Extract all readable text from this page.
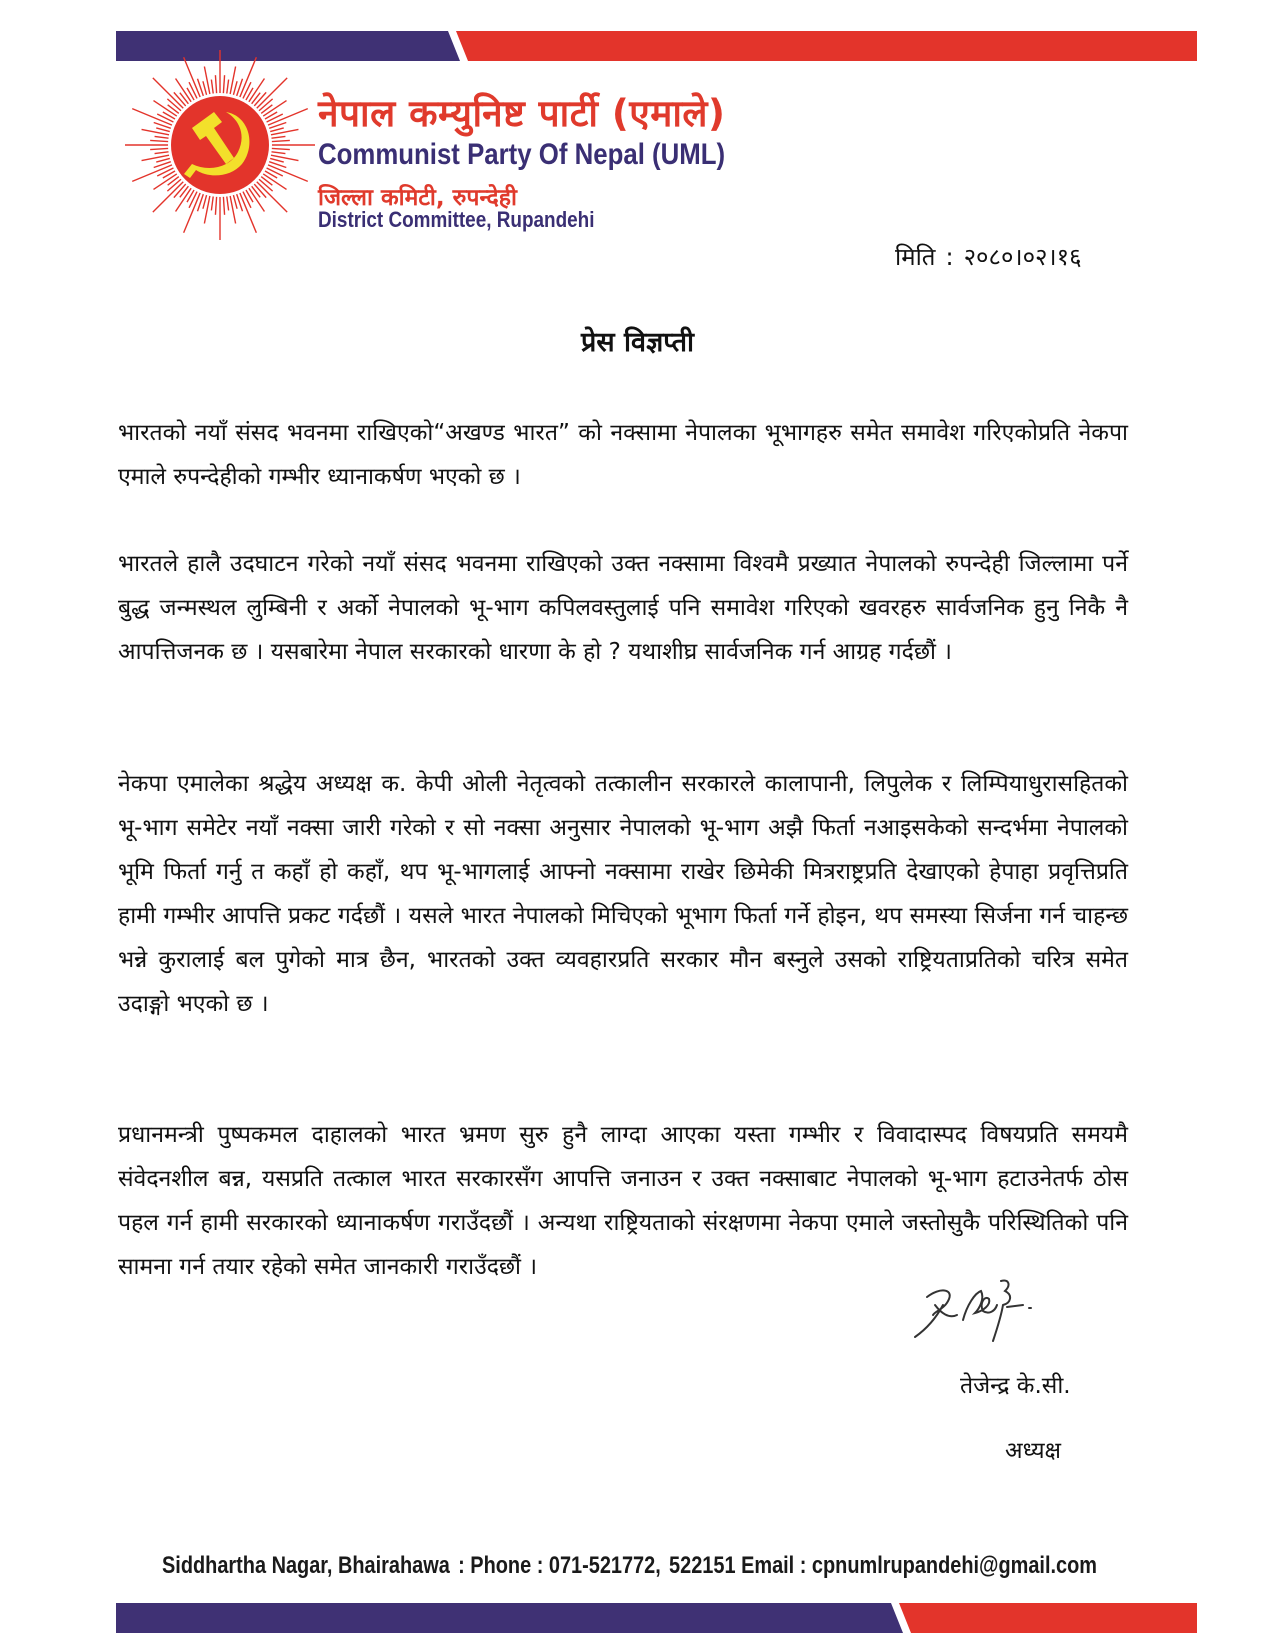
नेपाल कम्युनिष्ट पार्टी (एमाले)
Communist Party Of Nepal (UML)
जिल्ला कमिटी, रुपन्देही
District Committee, Rupandehi
मिति : २०८०।०२।१६
प्रेस विज्ञप्ती

भारतको नयाँ संसद भवनमा राखिएको“अखण्ड भारत” को नक्सामा नेपालका भूभागहरु समेत समावेश गरिएकोप्रति नेकपा एमाले रुपन्देहीको गम्भीर ध्यानाकर्षण भएको छ ।

भारतले हालै उदघाटन गरेको नयाँ संसद भवनमा राखिएको उक्त नक्सामा विश्वमै प्रख्यात नेपालको रुपन्देही जिल्लामा पर्ने बुद्ध जन्मस्थल लुम्बिनी र अर्को नेपालको भू-भाग कपिलवस्तुलाई पनि समावेश गरिएको खवरहरु सार्वजनिक हुनु निकै नै आपत्तिजनक छ । यसबारेमा नेपाल सरकारको धारणा के हो ? यथाशीघ्र सार्वजनिक गर्न आग्रह गर्दछौं ।

नेकपा एमालेका श्रद्धेय अध्यक्ष क. केपी ओली नेतृत्वको तत्कालीन सरकारले कालापानी, लिपुलेक र लिम्पियाधुरासहितको भू-भाग समेटेर नयाँ नक्सा जारी गरेको र सो नक्सा अनुसार नेपालको भू-भाग अझै फिर्ता नआइसकेको सन्दर्भमा नेपालको भूमि फिर्ता गर्नु त कहाँ हो कहाँ, थप भू-भागलाई आफ्नो नक्सामा राखेर छिमेकी मित्रराष्ट्रप्रति देखाएको हेपाहा प्रवृत्तिप्रति हामी गम्भीर आपत्ति प्रकट गर्दछौं । यसले भारत नेपालको मिचिएको भूभाग फिर्ता गर्ने होइन, थप समस्या सिर्जना गर्न चाहन्छ भन्ने कुरालाई बल पुगेको मात्र छैन, भारतको उक्त व्यवहारप्रति सरकार मौन बस्नुले उसको राष्ट्रियताप्रतिको चरित्र समेत उदाङ्गो भएको छ ।

प्रधानमन्त्री पुष्पकमल दाहालको भारत भ्रमण सुरु हुनै लाग्दा आएका यस्ता गम्भीर र विवादास्पद विषयप्रति समयमै संवेदनशील बन्न, यसप्रति तत्काल भारत सरकारसँग आपत्ति जनाउन र उक्त नक्साबाट नेपालको भू-भाग हटाउनेतर्फ ठोस पहल गर्न हामी सरकारको ध्यानाकर्षण गराउँदछौं । अन्यथा राष्ट्रियताको संरक्षणमा नेकपा एमाले जस्तोसुकै परिस्थितिको पनि सामना गर्न तयार रहेको समेत जानकारी गराउँदछौं ।

तेजेन्द्र के.सी.
अध्यक्ष
Siddhartha Nagar, Bhairahawa : Phone : 071-521772, 522151 Email : cpnumlrupandehi@gmail.com
